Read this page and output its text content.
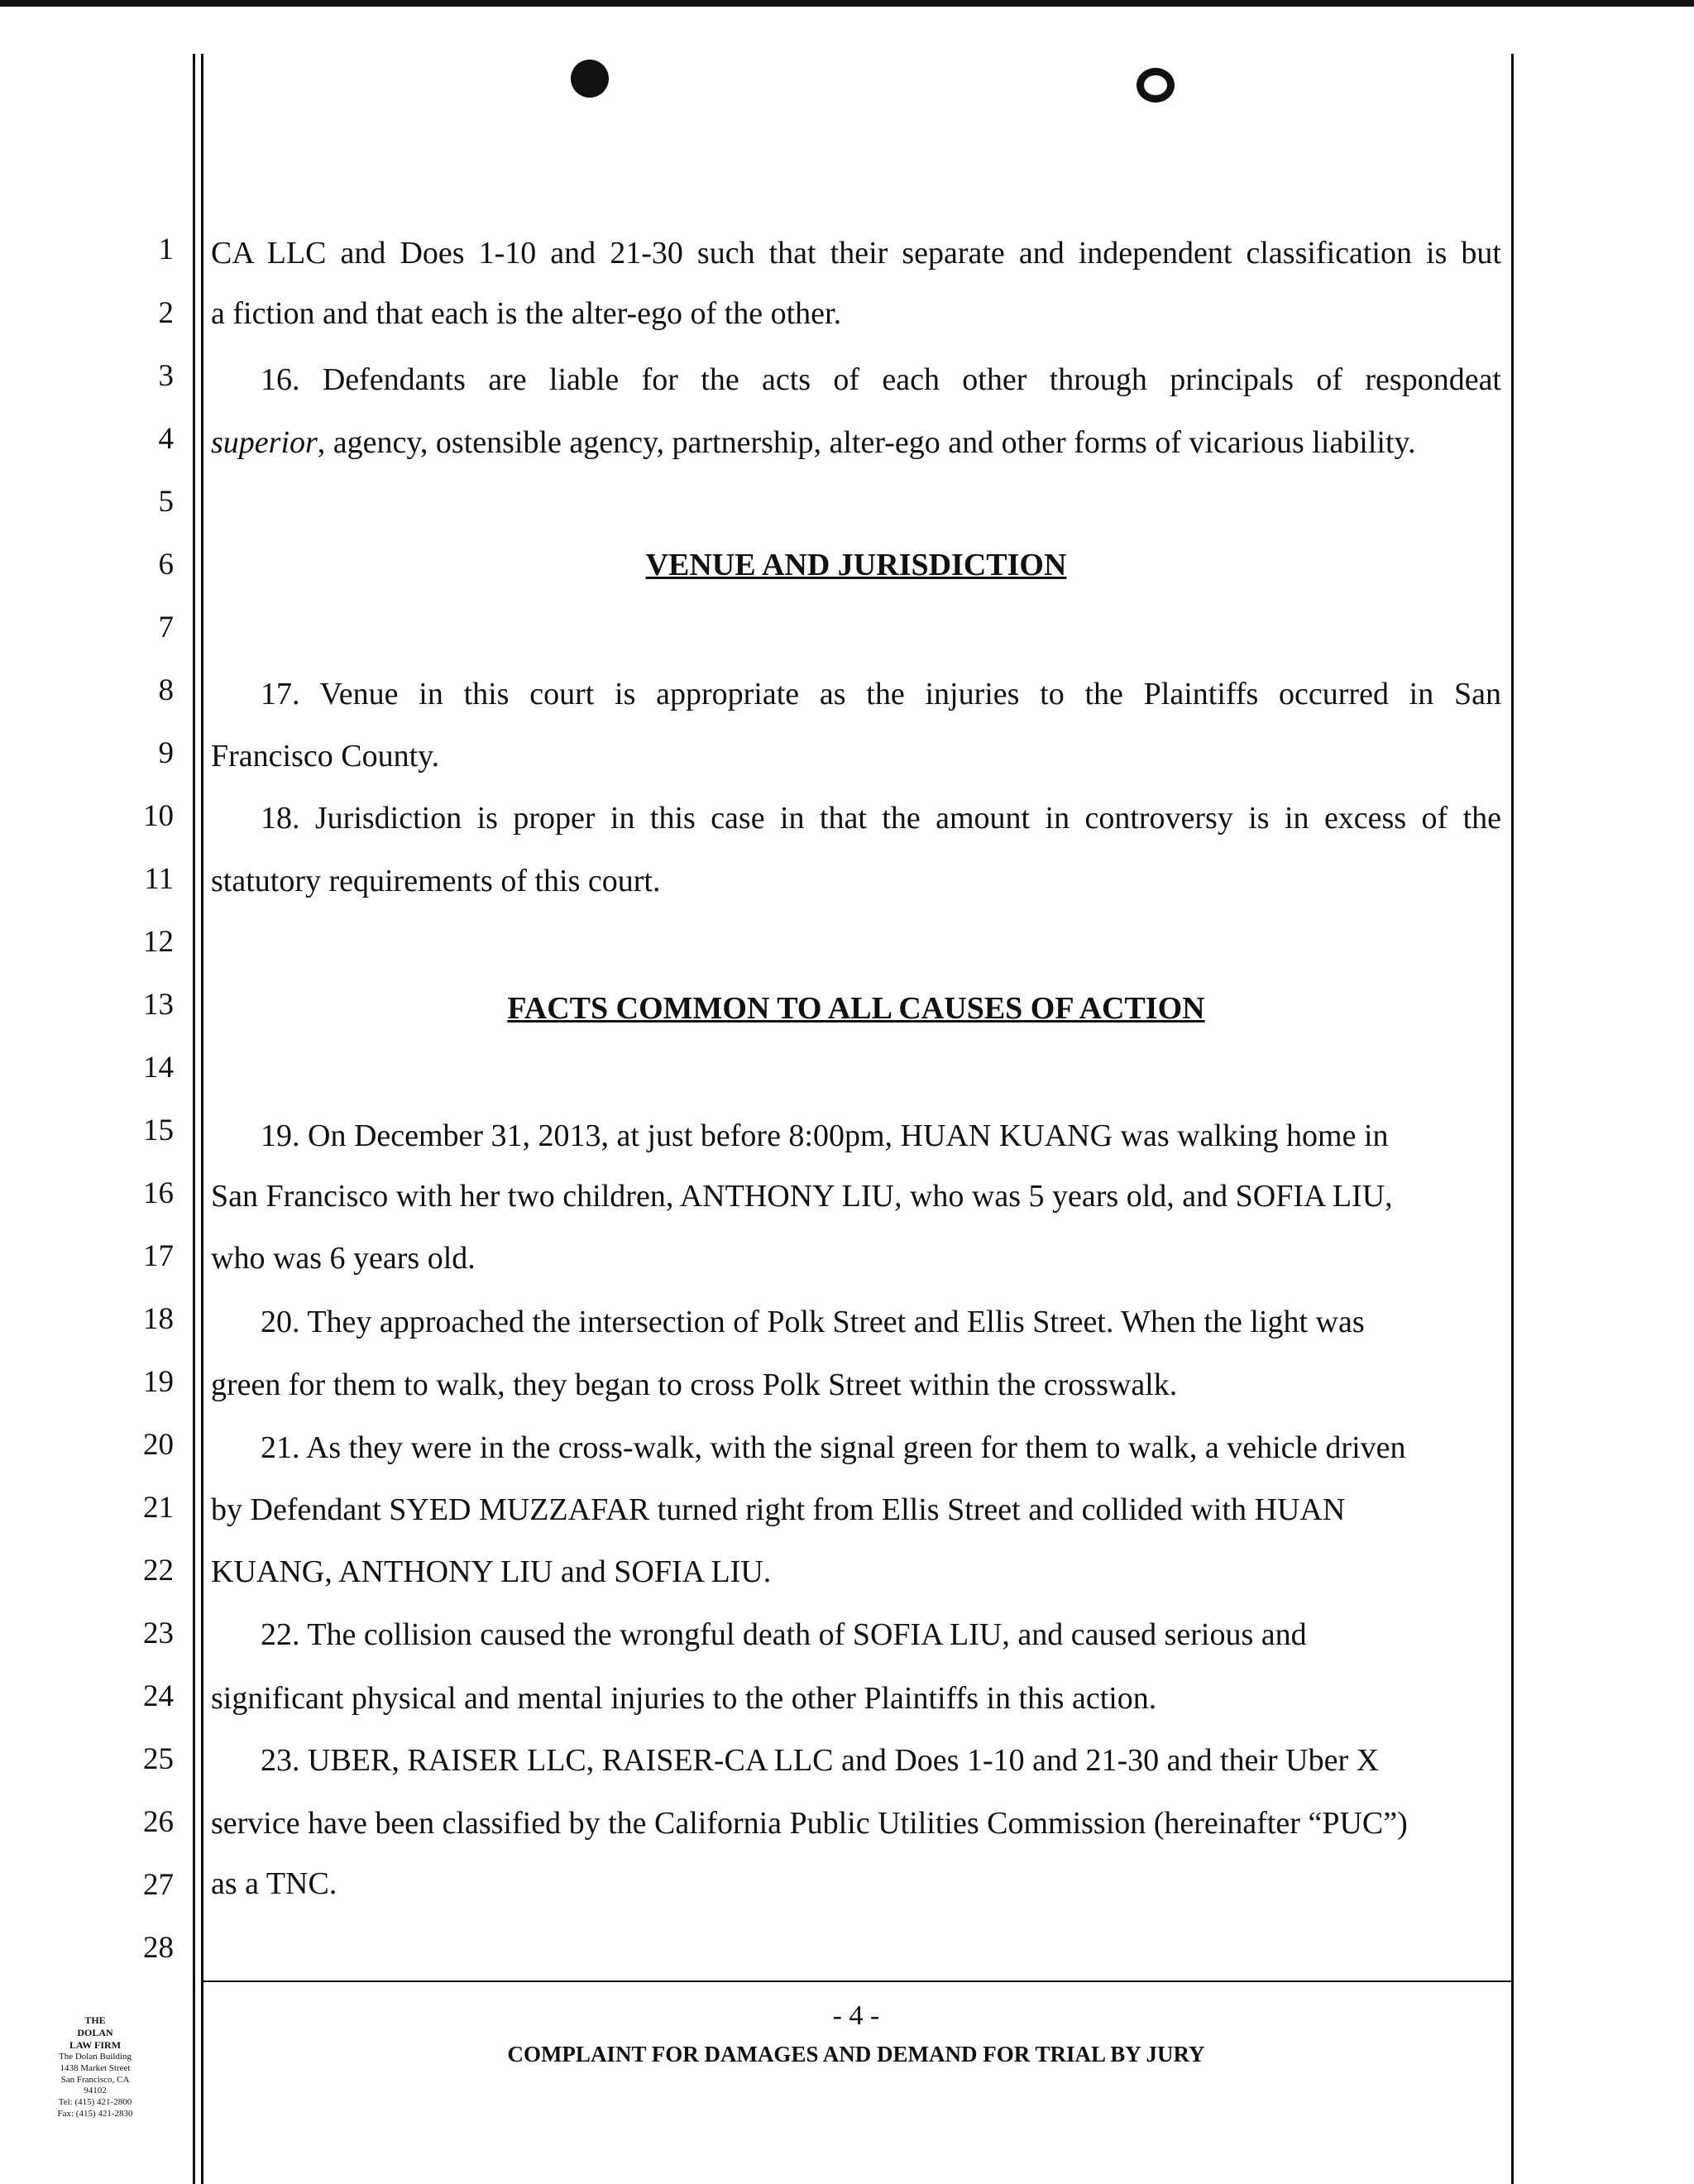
1
2
3
4
5
6
7
8
9
10
11
12
13
14
15
16
17
18
19
20
21
22
23
24
25
26
27
28
CA LLC and Does 1-10 and 21-30 such that their separate and independent classification is but
a fiction and that each is the alter-ego of the other.
16. Defendants are liable for the acts of each other through principals of respondeat
superior, agency, ostensible agency, partnership, alter-ego and other forms of vicarious liability.
VENUE AND JURISDICTION
17. Venue in this court is appropriate as the injuries to the Plaintiffs occurred in San
Francisco County.
18. Jurisdiction is proper in this case in that the amount in controversy is in excess of the
statutory requirements of this court.
FACTS COMMON TO ALL CAUSES OF ACTION
19. On December 31, 2013, at just before 8:00pm, HUAN KUANG was walking home in
San Francisco with her two children, ANTHONY LIU, who was 5 years old, and SOFIA LIU,
who was 6 years old.
20. They approached the intersection of Polk Street and Ellis Street. When the light was
green for them to walk, they began to cross Polk Street within the crosswalk.
21. As they were in the cross-walk, with the signal green for them to walk, a vehicle driven
by Defendant SYED MUZZAFAR turned right from Ellis Street and collided with HUAN
KUANG, ANTHONY LIU and SOFIA LIU.
22. The collision caused the wrongful death of SOFIA LIU, and caused serious and
significant physical and mental injuries to the other Plaintiffs in this action.
23. UBER, RAISER LLC, RAISER-CA LLC and Does 1-10 and 21-30 and their Uber X
service have been classified by the California Public Utilities Commission (hereinafter “PUC”)
as a TNC.
THE
DOLAN
LAW FIRM
The Dolan Building
1438 Market Street
San Francisco, CA
94102
Tel: (415) 421-2800
Fax: (415) 421-2830
- 4 -
COMPLAINT FOR DAMAGES AND DEMAND FOR TRIAL BY JURY
